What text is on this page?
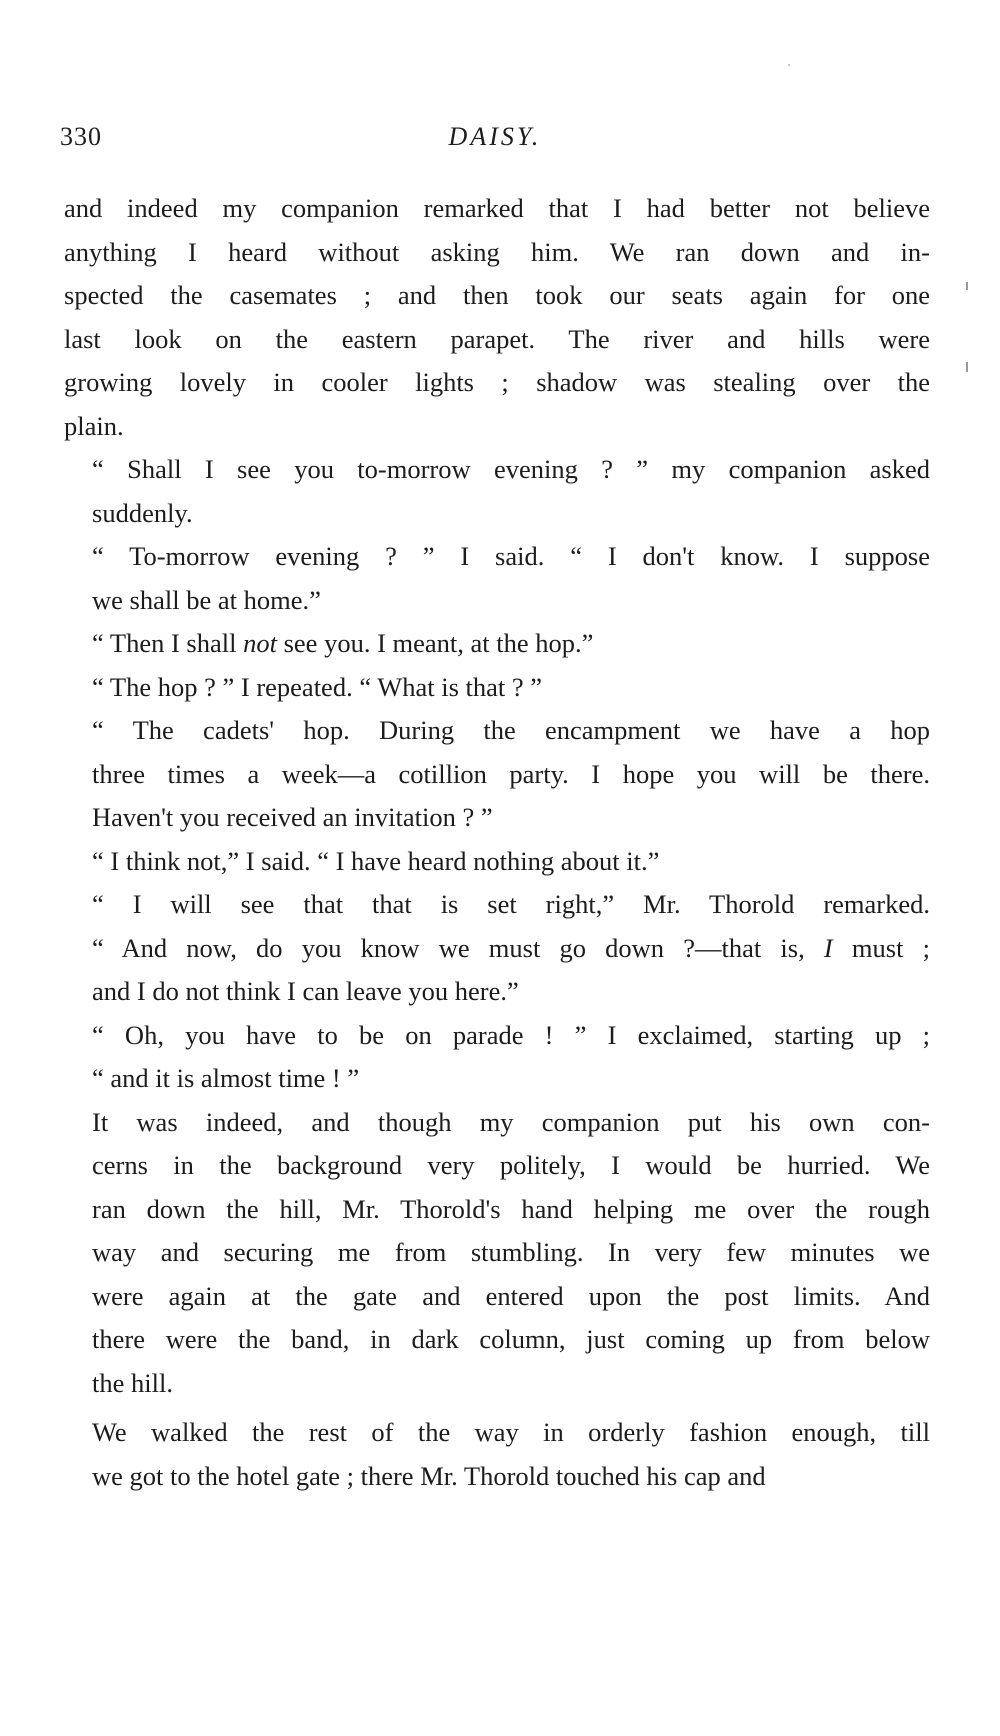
330	DAISY.
and indeed my companion remarked that I had better not believe
anything I heard without asking him. We ran down and in-
spected the casemates ; and then took our seats again for one
last look on the eastern parapet. The river and hills were
growing lovely in cooler lights ; shadow was stealing over the
plain.
“ Shall I see you to-morrow evening ? ” my companion asked
suddenly.
“ To-morrow evening ? ” I said. “ I don't know. I suppose
we shall be at home.”
“ Then I shall not see you. I meant, at the hop.”
“ The hop ? ” I repeated. “ What is that ? ”
“ The cadets' hop. During the encampment we have a hop
three times a week—a cotillion party. I hope you will be there.
Haven't you received an invitation ? ”
“ I think not,” I said. “ I have heard nothing about it.”
“ I will see that that is set right,” Mr. Thorold remarked.
“ And now, do you know we must go down ?—that is, I must ;
and I do not think I can leave you here.”
“ Oh, you have to be on parade ! ” I exclaimed, starting up ;
“ and it is almost time ! ”
It was indeed, and though my companion put his own con-
cerns in the background very politely, I would be hurried. We
ran down the hill, Mr. Thorold's hand helping me over the rough
way and securing me from stumbling. In very few minutes we
were again at the gate and entered upon the post limits. And
there were the band, in dark column, just coming up from below
the hill.
We walked the rest of the way in orderly fashion enough, till
we got to the hotel gate ; there Mr. Thorold touched his cap and
